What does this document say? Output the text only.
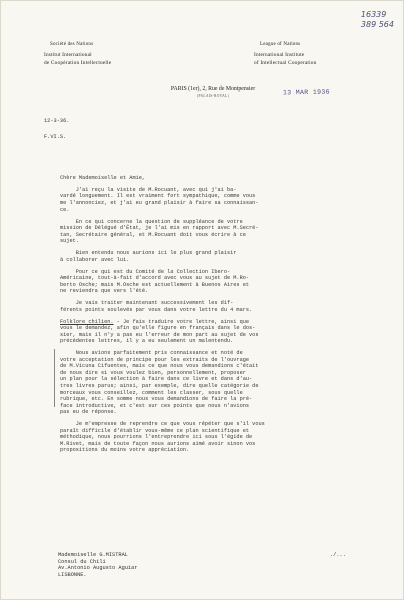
16339
389 564
Société des Nations
Institut International
de Coopération Intellectuelle
League of Nations
International Institute
of Intellectual Cooperation
PARIS (1er), 2, Rue de Montpensier
(PALAIS-ROYAL)	13 MAR 1936
12-3-36.
F.VI.S.

Chère Mademoiselle et Amie,

J'ai reçu la visite de M.Rocuant, avec qui j'ai ba-

vardé longuement. Il est vraiment fort sympathique, comme vous

me l'annonciez, et j'ai eu grand plaisir à faire sa connaissan-

ce.

En ce qui concerne la question de suppléance de votre

mission de Délégué d'État, je l'ai mis en rapport avec M.Secré-

tan, Secrétaire général, et M.Rocuant doit vous écrire à ce

sujet.

Bien entendu nous aurions ici le plus grand plaisir

à collaborer avec lui.

Pour ce qui est du Comité de la Collection Ibero-

Américaine, tout-à-fait d'accord avec vous au sujet de M.Ro-

berto Osche; mais M.Osche est actuellement à Buenos Aires et

ne reviendra que vers l'été.

Je vais traiter maintenant successivement les dif-

férents points soulevés par vous dans votre lettre du 4 mars.

Folklore chilien. - Je fais traduire votre lettre, ainsi que

vous le demandez, afin qu'elle figure en français dans le dos-

sier, mais il n'y a pas eu l'erreur de mon part au sujet de vos

précédentes lettres, il y a eu seulement un malentendu.

Nous avions parfaitement pris connaissance et noté de

votre acceptation de principe pour les extraits de l'ouvrage

de M.Vicuna Cifuentes, mais ce que nous vous demandions c'était

de nous dire si vous voulez bien, personnellement, proposer

un plan pour la sélection à faire dans ce livre et dans d'au-

tres livres parus; ainsi, par exemple, dire quelle catégorie de

morceaux vous conseillez, comment les classer, sous quelle

rubrique, etc. En somme nous vous demandions de faire la pré-

face introductive, et c'est sur ces points que nous n'avions

pas eu de réponse.

Je m'empresse de reprendre ce que vous répéter que s'il vous

paraît difficile d'établir vous-même ce plan scientifique et

méthodique, nous pourrions l'entreprendre ici sous l'égide de

M.Rivet, mais de toute façon nous aurions aimé avoir sinon vos

propositions du moins votre appréciation.

Mademoiselle G.MISTRAL

Consul du Chili

Av.Antonio Augusto Aguiar

LISBONNE.

./...
